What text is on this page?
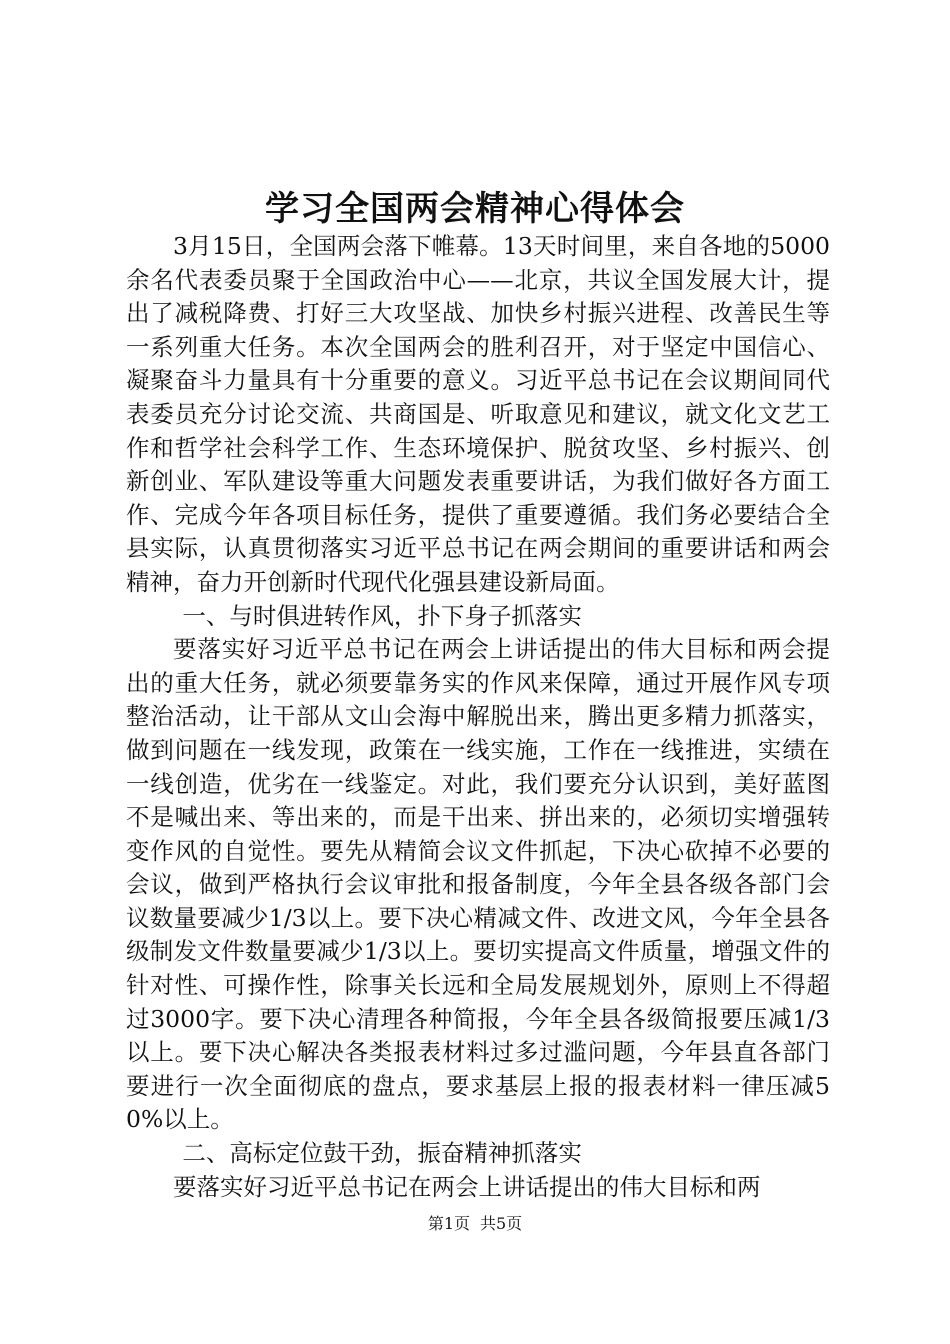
学习全国两会精神心得体会

3月15日，全国两会落下帷幕。13天时间里，来自各地的5000余名代表委员聚于全国政治中心——北京，共议全国发展大计，提出了减税降费、打好三大攻坚战、加快乡村振兴进程、改善民生等一系列重大任务。本次全国两会的胜利召开，对于坚定中国信心、凝聚奋斗力量具有十分重要的意义。习近平总书记在会议期间同代表委员充分讨论交流、共商国是、听取意见和建议，就文化文艺工作和哲学社会科学工作、生态环境保护、脱贫攻坚、乡村振兴、创新创业、军队建设等重大问题发表重要讲话，为我们做好各方面工作、完成今年各项目标任务，提供了重要遵循。我们务必要结合全县实际，认真贯彻落实习近平总书记在两会期间的重要讲话和两会精神，奋力开创新时代现代化强县建设新局面。

一、与时俱进转作风，扑下身子抓落实

要落实好习近平总书记在两会上讲话提出的伟大目标和两会提出的重大任务，就必须要靠务实的作风来保障，通过开展作风专项整治活动，让干部从文山会海中解脱出来，腾出更多精力抓落实，做到问题在一线发现，政策在一线实施，工作在一线推进，实绩在一线创造，优劣在一线鉴定。对此，我们要充分认识到，美好蓝图不是喊出来、等出来的，而是干出来、拼出来的，必须切实增强转变作风的自觉性。要先从精简会议文件抓起，下决心砍掉不必要的会议，做到严格执行会议审批和报备制度，今年全县各级各部门会议数量要减少1/3以上。要下决心精减文件、改进文风，今年全县各级制发文件数量要减少1/3以上。要切实提高文件质量，增强文件的针对性、可操作性，除事关长远和全局发展规划外，原则上不得超过3000字。要下决心清理各种简报，今年全县各级简报要压减1/3以上。要下决心解决各类报表材料过多过滥问题，今年县直各部门要进行一次全面彻底的盘点，要求基层上报的报表材料一律压减50%以上。

二、高标定位鼓干劲，振奋精神抓落实

要落实好习近平总书记在两会上讲话提出的伟大目标和两

第1页 共5页
